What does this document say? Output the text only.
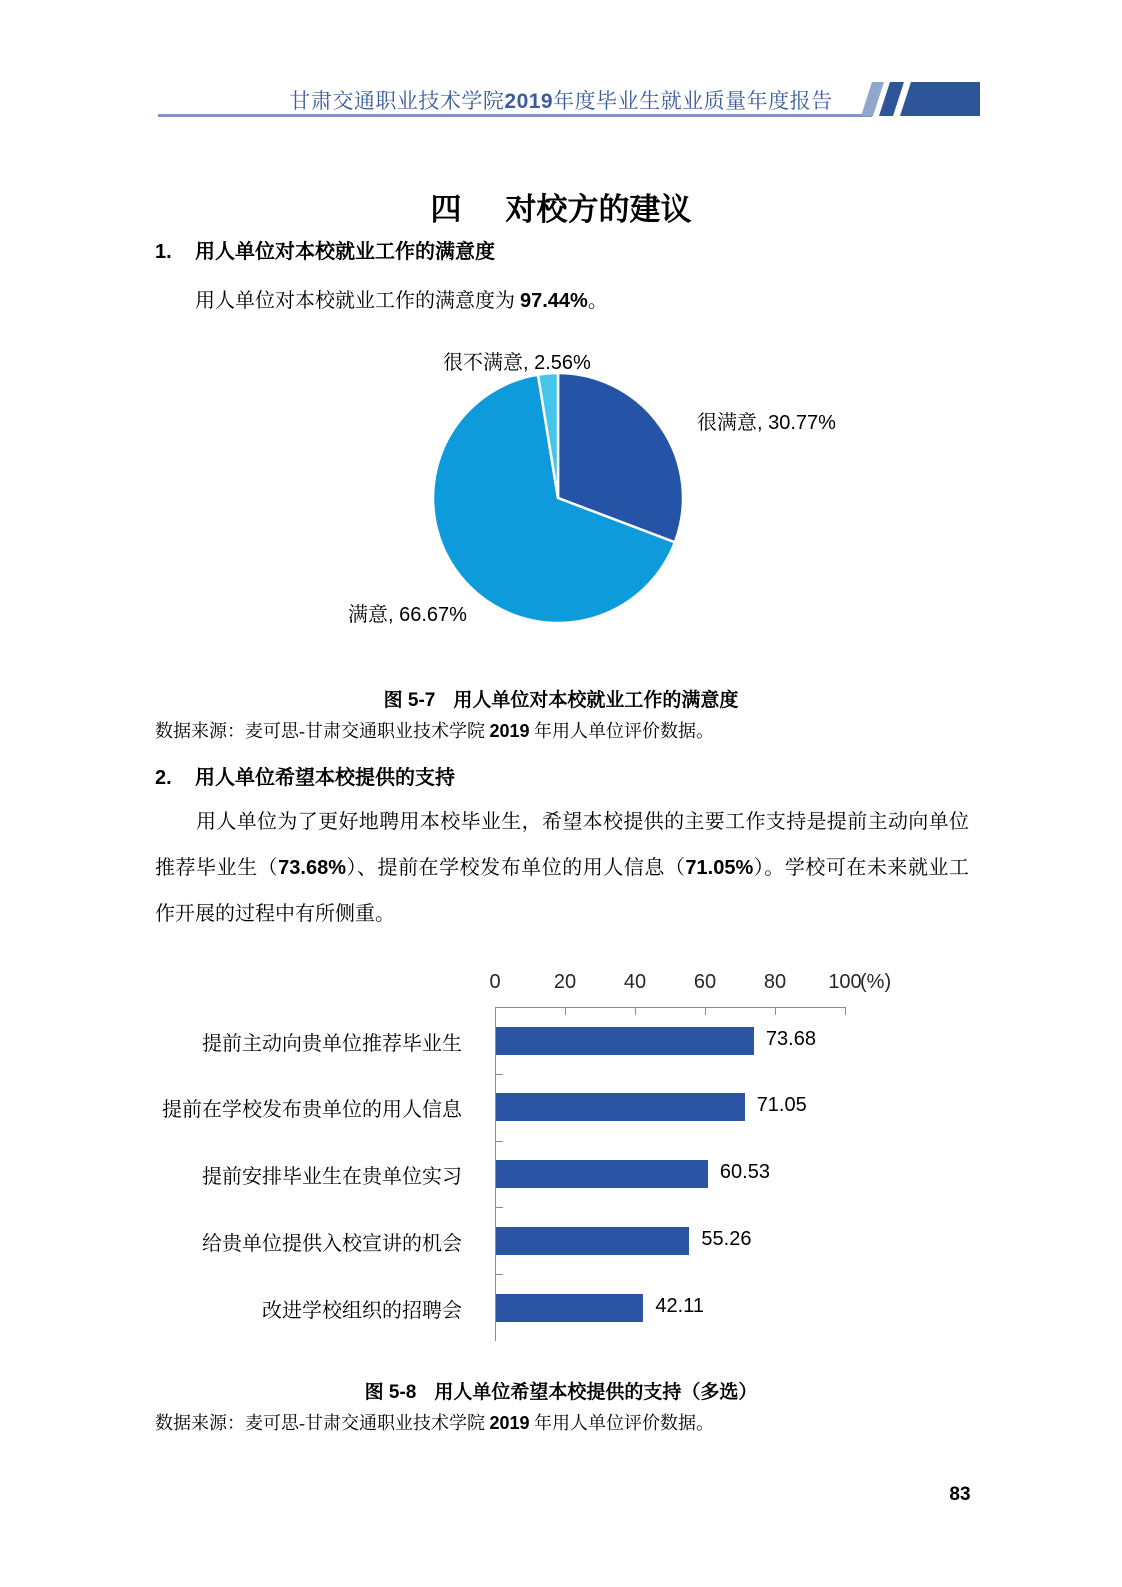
甘肃交通职业技术学院2019年度毕业生就业质量年度报告
四 对校方的建议
1. 用人单位对本校就业工作的满意度
用人单位对本校就业工作的满意度为 97.44%。
很不满意, 2.56%
很满意, 30.77%
满意, 66.67%
图 5-7 用人单位对本校就业工作的满意度
数据来源：麦可思-甘肃交通职业技术学院 2019 年用人单位评价数据。
2. 用人单位希望本校提供的支持
用人单位为了更好地聘用本校毕业生，希望本校提供的主要工作支持是提前主动向单位推荐毕业生（73.68%）、提前在学校发布单位的用人信息（71.05%）。学校可在未来就业工作开展的过程中有所侧重。
0	20	40	60	80	100
(%)
提前主动向贵单位推荐毕业生	73.68
提前在学校发布贵单位的用人信息	71.05
提前安排毕业生在贵单位实习	60.53
给贵单位提供入校宣讲的机会	55.26
改进学校组织的招聘会	42.11
图 5-8 用人单位希望本校提供的支持（多选）
数据来源：麦可思-甘肃交通职业技术学院 2019 年用人单位评价数据。
83
